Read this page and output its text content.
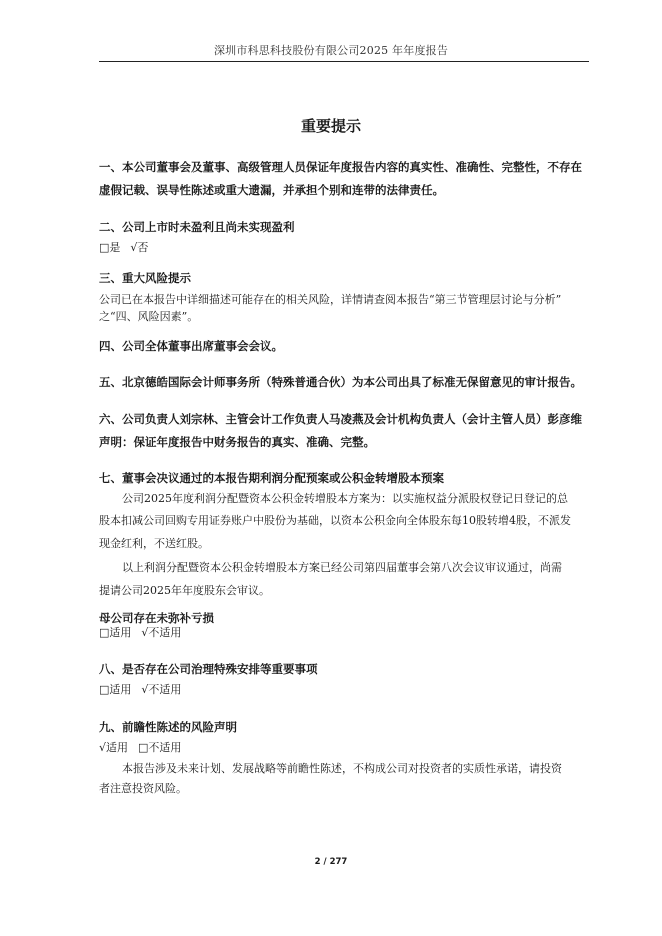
深圳市科思科技股份有限公司2025 年年度报告
重要提示
一、本公司董事会及董事、高级管理人员保证年度报告内容的真实性、准确性、完整性，不存在
虚假记载、误导性陈述或重大遗漏，并承担个别和连带的法律责任。
二、公司上市时未盈利且尚未实现盈利
□是 √否
三、重大风险提示
公司已在本报告中详细描述可能存在的相关风险，详情请查阅本报告“第三节管理层讨论与分析”
之“四、风险因素”。
四、公司全体董事出席董事会会议。
五、北京德皓国际会计师事务所（特殊普通合伙）为本公司出具了标准无保留意见的审计报告。
六、公司负责人刘宗林、主管会计工作负责人马凌燕及会计机构负责人（会计主管人员）彭彦维
声明：保证年度报告中财务报告的真实、准确、完整。
七、董事会决议通过的本报告期利润分配预案或公积金转增股本预案
公司2025年度利润分配暨资本公积金转增股本方案为：以实施权益分派股权登记日登记的总
股本扣减公司回购专用证券账户中股份为基础，以资本公积金向全体股东每10股转增4股，不派发
现金红利，不送红股。
以上利润分配暨资本公积金转增股本方案已经公司第四届董事会第八次会议审议通过，尚需
提请公司2025年年度股东会审议。
母公司存在未弥补亏损
□适用 √不适用
八、是否存在公司治理特殊安排等重要事项
□适用 √不适用
九、前瞻性陈述的风险声明
√适用 □不适用
本报告涉及未来计划、发展战略等前瞻性陈述，不构成公司对投资者的实质性承诺，请投资
者注意投资风险。
2 / 277
